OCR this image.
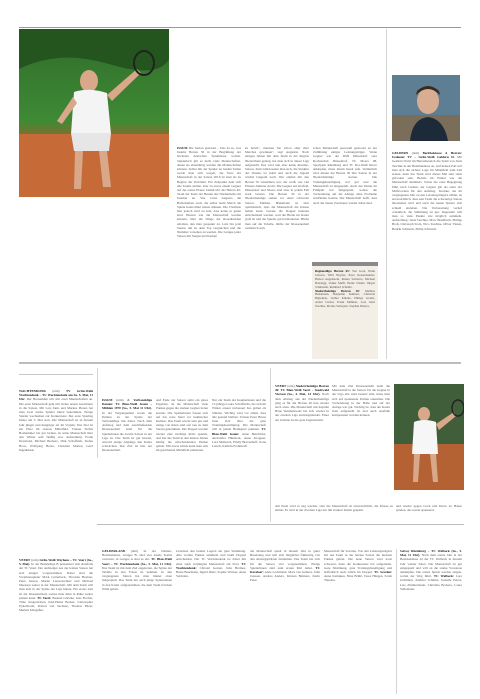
ISSUM Die Saison gestartet – Das ist es, was Issums Herren 50 in der Begrüßung der höchsten deutschen Spielklasse wollen. Spielerisch gilt es nicht viele Mannschaften, denen sie ebenbürtig werden die Mannschaften können. Selbst mit der Spieler zu beiden Teilen werde man sich sorgen, die Stars der Mannschaft in der Saison 2013/14 sind als zu Beginn die Vorbilder. Ein Zeitpunkt dem sich alle Teams stellen, aber zu etwas einem Gegner auf der ersten Ebene. Damit tritt das Herren 40-Team der Kreis der Besten des Niederrheins im Issumer an. Von vorne Augusto die Ballscheiben auch, die selbst beim Match die Spiele kontrolliert haben müssen. Die Tradition hier jedoch wird zu sein, dass keine so guten sind. Herzen wie die Mannschaft werden können, über die Dinge der Rosenbenden erhalten, den man gespannt ist. Lutz bin jetzt Sterne, um zu dem Top vergleichen und die Nummer vorsehen zu werden. Die Gruppe jeder Saison mit Siegen und Kampf.
zu holen", mussten Sie schon alles über Matches gewinnen", sagt Augustin. Nach einigen Jahren mit dem Team in der Region Niederrhein gelang, hat man sich in dieser Liga aufgestellt. Das wird nun aber keine Routine-Saison. Zum Glück kennt man sich, die Struktur des Vereins ist stabil und auch die Jugend wächst langsam nach. Wer einmal mit den Herren 50 zusammen war, der weiß, wie viel Einsatz dahinter steckt. Die Gegner aus Krefeld, Düsseldorf und Moers sind aber in jedem Fall stark besetzt. Die Herren 30 in der Niederrheinliga stehen vor einer schweren Saison. Mathias Hunsmann ist aber optimistisch, dass die Mannschaft die Klasse halten kann. Gerade die Doppel könnten entscheidend werden, weil die Breite im Kader groß ist und die Spieler gut harmonieren. Blickt man auf die Tabelle, dürfte der Klassenerhalt realistisch sein.
schon Mannschaft personell gestreckt zu der Zuführung einiger Leistungsträger. Wenn Gegner wie der DSD Düsseldorf oder Rochusclub Düsseldorf, TC Moers 08, Sportpark Rheinberg und TC Rot-Weiß Kleve anklopfen, muss Issum bereit sein. Vermutlich wird diesen die Herren 30 ihre Saison in der Niederrheinliga starten. Die Trainingsbeteiligung war gut und die Mannschaft ist eingespielt. Auch das Wetter im Frühjahr hat mitgespielt, sodass die Vorbereitung auf der Anlage ohne Probleme stattfinden konnte. Die Mannschaft hofft, dass auch die treuen Zuschauer wieder dabei sind.
Regionalliga Herren 65: Van Gool, Hank Janssen, Willi Heyder, Peter Rosendaumer, Hubert Augenstein, Rainer Schnarre, Michael Bondegg, Volker Maffi, Heinz Schulz, Jürgen Schümann, Reinhard Schalitz.
Niederrheinliga Herren 30: Mathias Hunsmann, Benjamin Kuhnert, Christian Bigleman, Luther Klitzke, Philipp Grams, André Lütten, Frank Mehmet, Lars Janis Teschke, Marius Saltzgem, Stephan Dieters.
GELDERN (ntm) Bezirksklasse A Herren: Uedemer TV – Grün-Weiß Geldern II. Mit Geldern II tritt im Herrenbereich das Team von Janis Teschke in der Bezirksklasse an. Auf keinen Fall soll man sich die sichere Lage im Mittelfeld zum Ziel setzen, denn das Team wird dieses Mal sehr stark gefordert sein. Bereits im Winter war die Mannschaft dezimiert. Schon die erste Begegnung führt nach Uedem, der Gegner gilt als einer der Mitfavoriten für den Aufstieg. Teschke, der im vergangenen Jahr zu den Leistungsträgern zählte, ist zuversichtlich, dass sein Team die schwierige Saison überstehen wird und auch die neuen Spieler sich schnell einleben. Die Vorbereitung verlief ordentlich, die Stimmung ist gut. Insgesamt will man so viele Punkte wie möglich sammeln. Aufstellung: Janis Teschke, Marc Bendfurth, Philipp Broß, Christoph Stolz, Nico Teschke, Oliver Vieten, Henrik Schlusch, Philip Schlusch.
WACHTENDONK (ntm) TV Grün-Weiß Wachtendonk – TC Wachtendonk am So. 5. Mai, 11 Uhr. Der Herrenklub tritt mit zwei Mannschaften an. Die erste Mannschaft geht mit vielen neuen Gesichtern in die Saison. Mit Lars Janis und Markus Pieters hat man zwei starke Spieler hinzu bekommen. Einige Spieler wechselten zur Konkurrenz. Der erste Spieltag findet am 5. Mai statt. Die Mannschaft ist in diesem Jahr jünger und hungriger als im Vorjahr. Das Ziel ist ein Platz im oberen Mittelfeld. Trainer Stefan Boshammer hat gut lachen, da seine Mannschaft über den Winter sehr fleißig war. Aufstellung: Frank Doreband, Michael Beckers, Dirk Schaffrath, Stefan Hoos, Wolfgang Berns, Christian Matten, Gerd Ingenbleek.
VEERT (ntm) Grün-Weiß Weyhaus – TC Veert (So., 5. Mai). In der Bezirksliga B präsentiert sich ebenfalls der TC Veert. Der Aufsteiger aus der letzten Saison hat sich einiges vorgenommen. Dabei sind die Vorjahresspieler Mark Lutterbeck, Thorsten Heynen, Peter Jansen, Martin Lauwesschutz und Michael Meessen weiter in der Mannschaft. Mit dem Team will man sich in der Spitze der Liga halten. Ein erstes Ziel ist der Klassenerhalt, sodass man dann in Ruhe weiter planen kann. TC Veert: Bastian Görtzke, Jens Fischer, Timo Jungerstaben, Karl-Heinz Becker, Christopher Eykelboom, Robert van Sachsen, Thomas Pilzer, Markus Maagaßer.
ISSUM (ntm) 2. Verbandsliga Damen: TC Blau-Weiß Issum – Mühlen 1970 (So., 5. Mai 11 Uhr). In der Vergangenheit waren die Damen an der Spitze der Verbandsliga mit dabei. Nach dem Aufstieg und dem anschließenden Klassenerhalt steht für die Spielerinnen die zweite Saison in der Liga an. Das Team ist gut besetzt, obwohl einige Abgänge den Kader schwächen. Das Ziel ist klar der Klassenerhalt.
Auf Ende der Saison steht ein gutes Ergebnis, da die Mannschaft viele Punkte gegen die starken Gegner holen konnte. Die Spielerinnen freuen sich auf das erste Spiel vor heimischer Kulisse. Das Team wurde sehr gut und einige von ihnen sind erst neu zu dem Verein gekommen. Die Doppel werden wieder eine wichtige Rolle spielen, dort hat das Team in den letzten Jahren häufig die entscheidenden Punkte geholt. Mit etwas Glück kann man sich im gesicherten Mittelfeld platzieren.
Nur ein Team der Issumerinnen und die 15-jährige Laura Schoffeldts, die sich im Winter erneut verbessert hat, gelten als Stützen. Wichtig wird vor allem, dass alle gesund bleiben. Trainer Peter Bruns freut sich über die gute Trainingsbeteiligung. Die Mannschaft will in jedem Heimspiel punkten. TC Blau-Weiß Issum: Anne Hendricks, Alexandra Hünslerk, Anna Kroppen, Lara Mellesch, Emily Brevenhoff, Ilona Leisch, Kathrin Frohnhoff.
VEERT (ntm) Niederrheinliga Herren 40: TC Blau-Weiß Veert – Stadtwald Viersen (So., 4. Mai, 14 Uhr). Nach dem Abstieg aus der Niederrheinliga ging es für die Herren 40 nun wieder nach oben. Die Mannschaft um Kapitän Hans Westhalewski hat sich wieder in der zweiten Liga zurückgemeldet. Einer der Gründe ist die gute Jugendarbeit.
Mit dem Ziel Klassenerhalt zieht die Mannschaft in die Saison. Da die Gegner in der Liga alle stark besetzt sind, muss man sich auf spannende Partien einstellen. Die Vorbereitung in der Halle und auf der Anlage war gut. Wichtig ist, dass der Kader breit aufgestellt ist und auch Ausfälle kompensiert werden können.
Am Ende wird es eng werden, aber die Mannschaft ist zuversichtlich, die Klasse zu halten. Es wird in der Zweiten Liga nur mit starken Teams gespielt.
und wieder gegen Goch und Kleve zu Hause spielen, das werde spannend.
GELDERLAND (ntm) In der Damen-Bezirksklasse, Gruppe B, sind vier lokale Teams vertreten, in Gruppe A sind es ein. TC Blau-Weiß Veert – TC Wachtendonk (So., 5. Mai, 11 Uhr). Das Team ist mit dem Ziel angetreten, die Spitze der Tabelle in den Fokus zu nehmen. In den vergangenen Jahren hat man immer oben mitgespielt. Das Team hat auch junge Spielerinnen in den Kader aufgenommen, die dem Team frischen Wind geben.
zwischen den beiden Lagern der gute Stimmung. Alle wollen Punkte sammeln und beim Doppel entscheiden. Der TC Wachtendonk ist dabei mit einer stark verjüngten Mannschaft am Start. TC Wachtendonk: Christel Gesten, Jutta Hermes, Beate Beermann, Ingrid Dietz, Sophie Wacker, Anna Verhalen.
die Mannschaft spielt in diesem Jahr in guter Besetzung und will sich möglichst frühzeitig von den Abstiegsplätzen fernhalten. Das Team hat sich für die Saison viel vorgenommen. Einige Spielerinnen sind zum ersten Mal dabei. TC Kevelaer: Anne Lackmann, Mara van Gelders, Julia Janssen, Andrea Anders, Kirsten Beimers, Karin Peter.
Mannschaft für Sevelen. Von den Leistungsträgern hat das Team in der letzten Saison die meisten Punkte geholt. Die neue Saison wird noch schwerer, denn die Konkurrenz hat aufgerüstet. Gute Stimmung, gute Trainingsbeteiligung und hoffentlich auch Glück im Doppel. TC Sevelen: Anne Kempkes, Nina Brühl, Tessa Hüsgen, Sarah Theelen.
Solvay Rheinberg – TC Walbeck (So., 5. Mai, 11 Uhr). Nach dem ersten Jahr in der Bezirksklasse ist der TC Walbeck in diesem Jahr wieder dabei. Die Mannschaft ist gut eingespielt und will an die starke Vorsaison anknüpfen. Die ersten Spiele werden zeigen, wohin der Weg führt. TC Walbeck: Lara Grimmen, Jennifer Schmitz, Isabelle Peters, Lisa Zimmermann, Christina Beckers, Laura Vellemann.
